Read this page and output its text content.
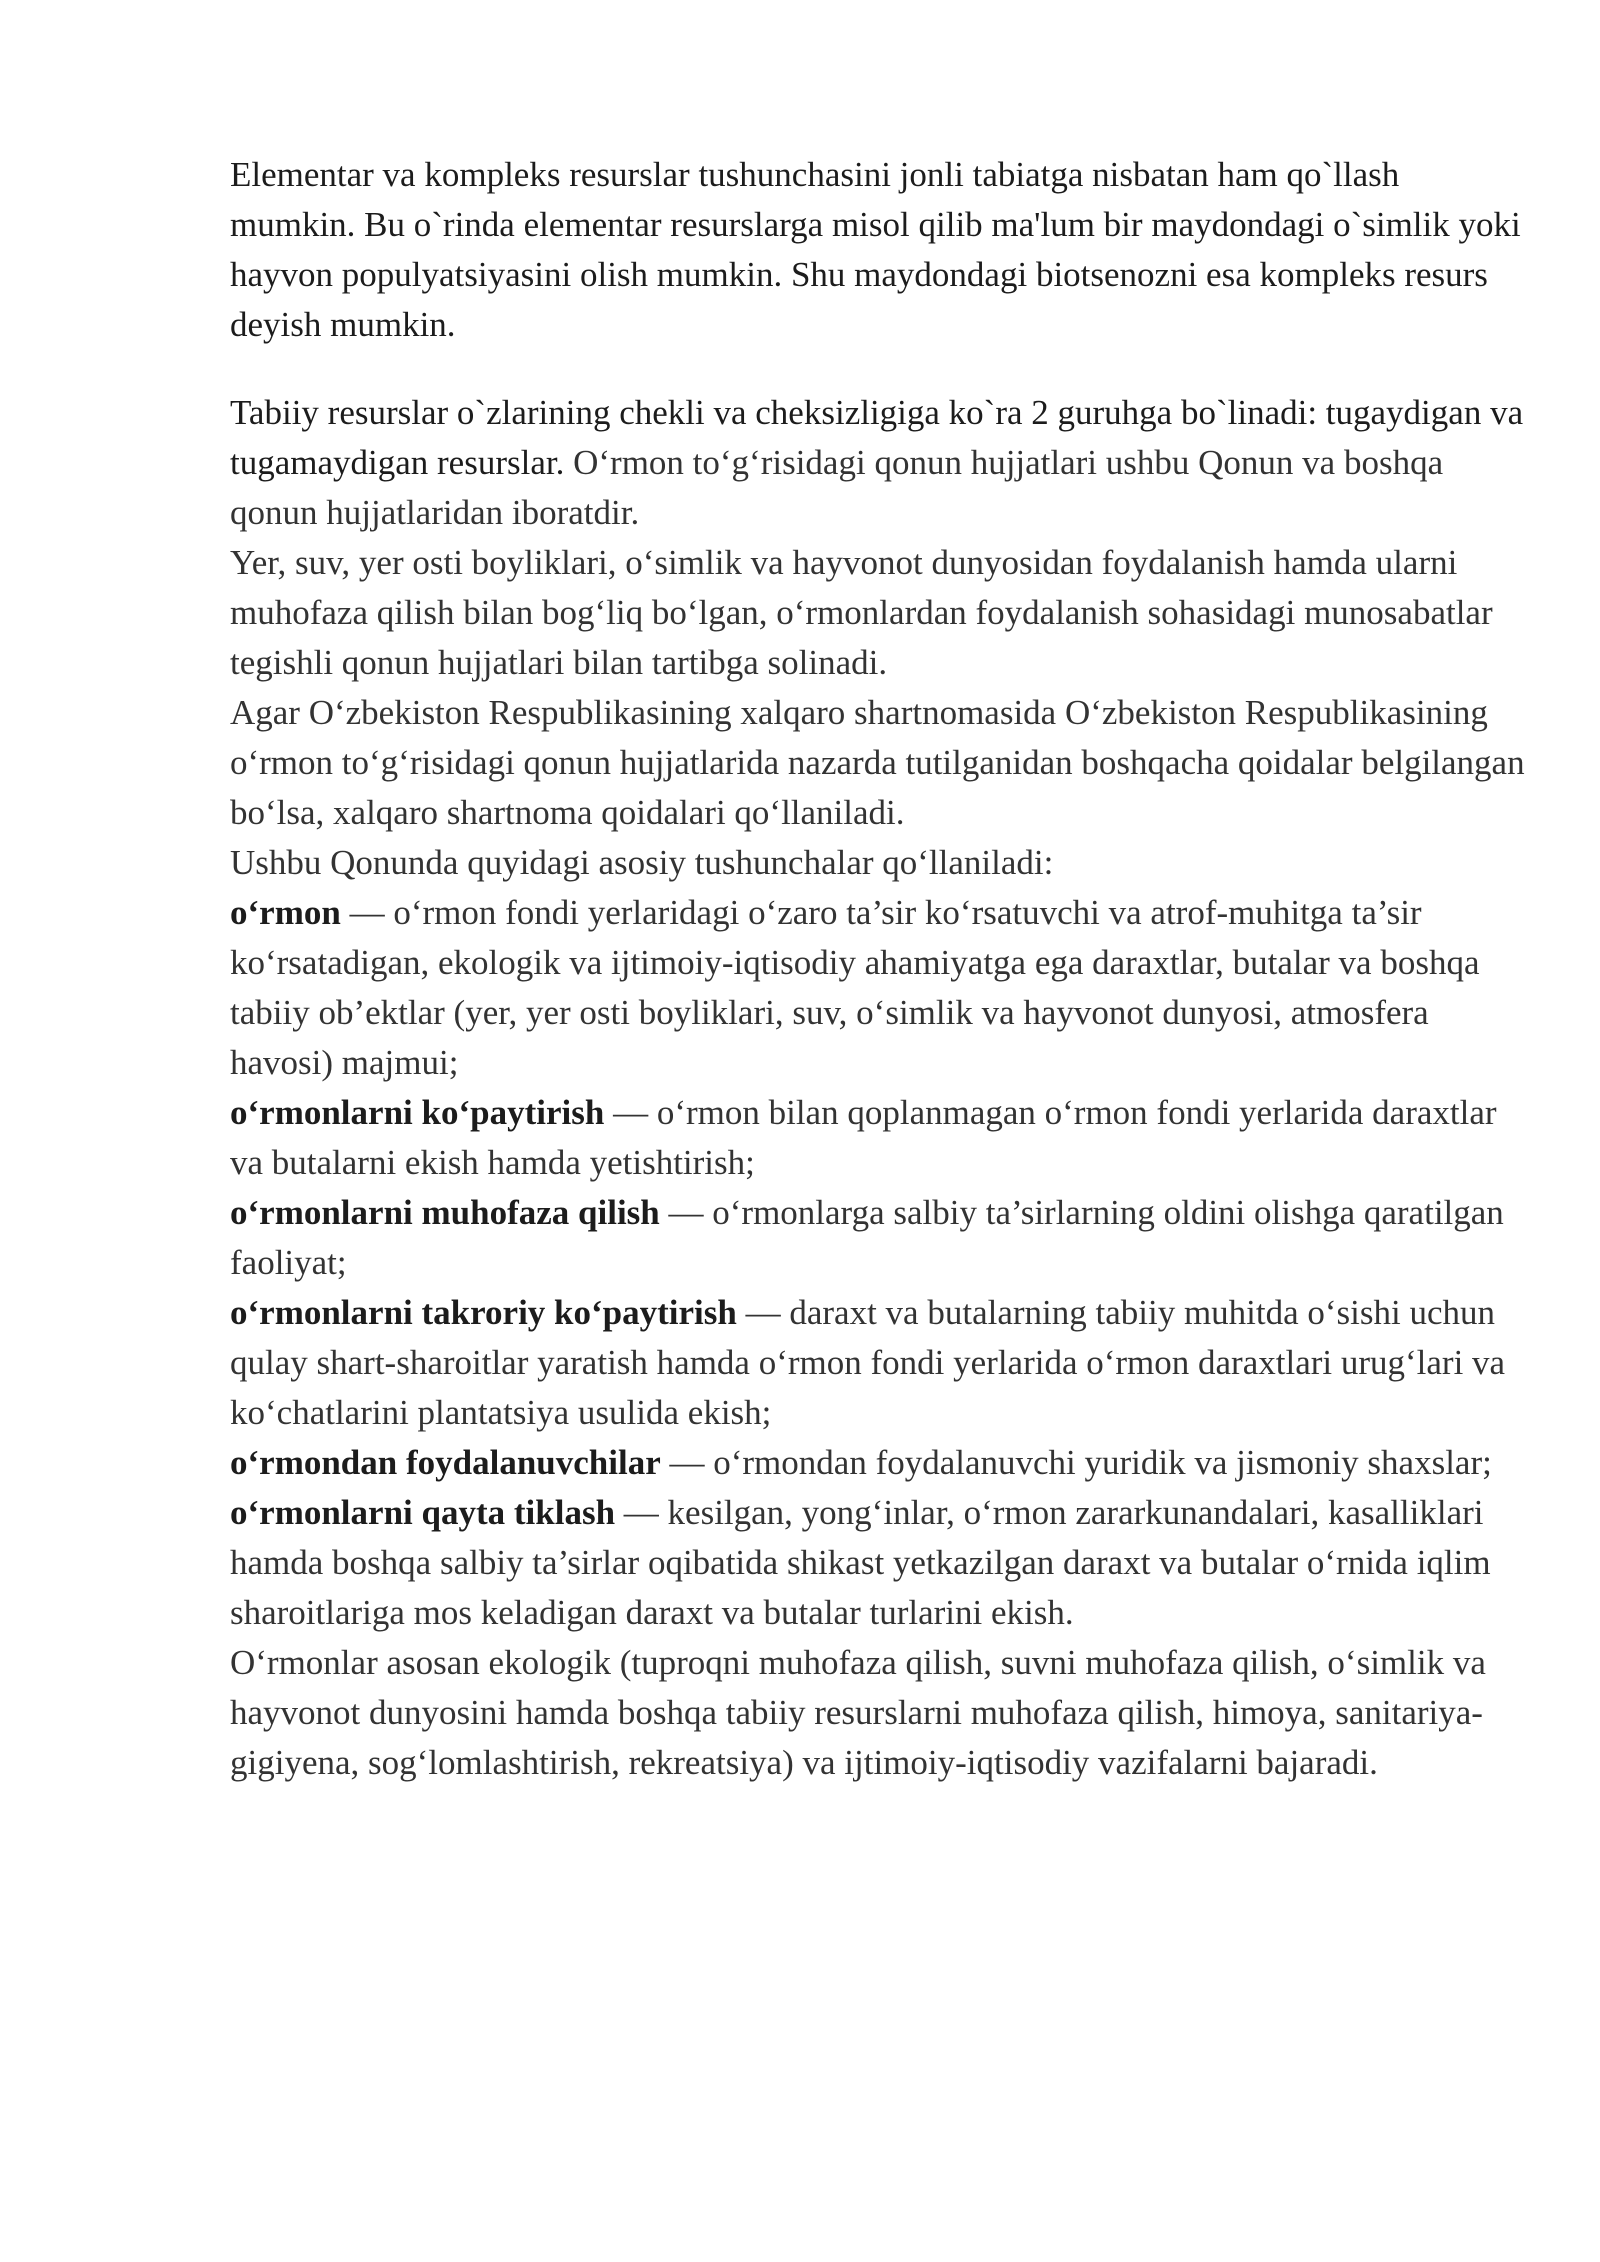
Elementar va kompleks resurslar tushunchasini jonli tabiatga nisbatan ham qo`llash mumkin. Bu o`rinda elementar resurslarga misol qilib ma'lum bir maydondagi o`simlik yoki hayvon populyatsiyasini olish mumkin. Shu maydondagi biotsenozni esa kompleks resurs deyish mumkin.

Tabiiy resurslar o`zlarining chekli va cheksizligiga ko`ra 2 guruhga bo`linadi: tugaydigan va tugamaydigan resurslar. O‘rmon to‘g‘risidagi qonun hujjatlari ushbu Qonun va boshqa qonun hujjatlaridan iboratdir.

Yer, suv, yer osti boyliklari, o‘simlik va hayvonot dunyosidan foydalanish hamda ularni muhofaza qilish bilan bog‘liq bo‘lgan, o‘rmonlardan foydalanish sohasidagi munosabatlar tegishli qonun hujjatlari bilan tartibga solinadi.

Agar O‘zbekiston Respublikasining xalqaro shartnomasida O‘zbekiston Respublikasining o‘rmon to‘g‘risidagi qonun hujjatlarida nazarda tutilganidan boshqacha qoidalar belgilangan bo‘lsa, xalqaro shartnoma qoidalari qo‘llaniladi.

Ushbu Qonunda quyidagi asosiy tushunchalar qo‘llaniladi:

o‘rmon — o‘rmon fondi yerlaridagi o‘zaro ta’sir ko‘rsatuvchi va atrof-muhitga ta’sir ko‘rsatadigan, ekologik va ijtimoiy-iqtisodiy ahamiyatga ega daraxtlar, butalar va boshqa tabiiy ob’ektlar (yer, yer osti boyliklari, suv, o‘simlik va hayvonot dunyosi, atmosfera havosi) majmui;

o‘rmonlarni ko‘paytirish — o‘rmon bilan qoplanmagan o‘rmon fondi yerlarida daraxtlar va butalarni ekish hamda yetishtirish;

o‘rmonlarni muhofaza qilish — o‘rmonlarga salbiy ta’sirlarning oldini olishga qaratilgan faoliyat;

o‘rmonlarni takroriy ko‘paytirish — daraxt va butalarning tabiiy muhitda o‘sishi uchun qulay shart-sharoitlar yaratish hamda o‘rmon fondi yerlarida o‘rmon daraxtlari urug‘lari va ko‘chatlarini plantatsiya usulida ekish;

o‘rmondan foydalanuvchilar — o‘rmondan foydalanuvchi yuridik va jismoniy shaxslar;

o‘rmonlarni qayta tiklash — kesilgan, yong‘inlar, o‘rmon zararkunandalari, kasalliklari hamda boshqa salbiy ta’sirlar oqibatida shikast yetkazilgan daraxt va butalar o‘rnida iqlim sharoitlariga mos keladigan daraxt va butalar turlarini ekish.

O‘rmonlar asosan ekologik (tuproqni muhofaza qilish, suvni muhofaza qilish, o‘simlik va hayvonot dunyosini hamda boshqa tabiiy resurslarni muhofaza qilish, himoya, sanitariya-gigiyena, sog‘lomlashtirish, rekreatsiya) va ijtimoiy-iqtisodiy vazifalarni bajaradi.
